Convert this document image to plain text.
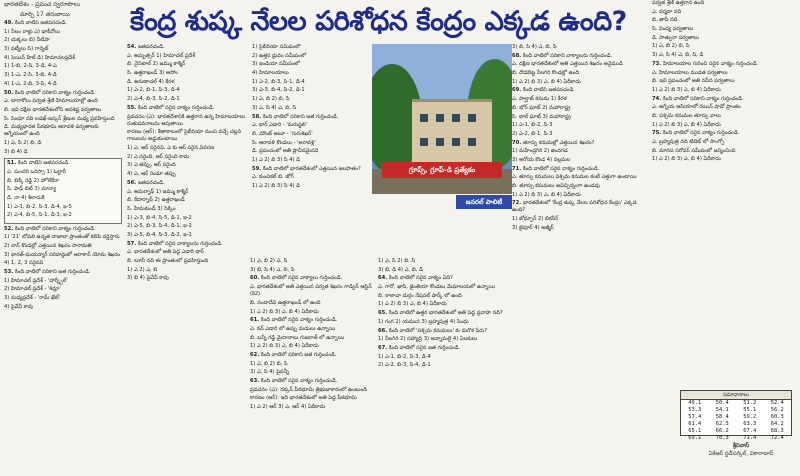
భారతదేశం - ప్రపంచ స్వరూపాలు
మార్చి 17 తరువాయి	కేంద్ర శుష్క నేలల పరిశోధన కేంద్రం ఎక్కడ ఉంది?
49. కింది వాటిని జతపరచండి.
1) నీలం రాళ్లు ఎ) భాకీనోలు
2) చుక్కలు బి) నీటిపా
3) పట్నీలు సి) గార్నెట్
4) సెయిన్ హిల్ డి) హిమాచలప్రదేశ్
1) 1-బి, 2-సి, 3-డి, 4-ఎ
3) 1-ఎ, 2-సి, 3-బి, 4-డి
4) 1-ఎ, 2-బి, 3-సి, 4-డి
50. కింది వాటిలో సరికాని వాక్యం గుర్తించండి.
ఎ. బారాకోలు పర్వత శ్రేణి హిమాలయాల్లో ఉంది
బి. ఇవి దక్షిణ భారతదేశంలోని అవశిష్ట పర్వతాలు
సి. సింధూ నది లడఖ్-జస్కర్ శ్రేణుల మధ్య ప్రవహిస్తుంది
డి. మధ్యభారత పీఠభూమి ఆరావళి పర్వతాలకు ఆగ్నేయంలో ఉంది
1) ఎ, సి 2) బి, డి
3) బి 4) డి
51. కింది వాటిని జతపరచండి.
ఎ. సుందరి ఒరిస్సా 1) ఓల్టారీ
బి. బిక్కీ రెడ్డి 2) హోలేకేరా
సి. పాడ్ బిట్ 3) మాన్యా
డి. నా 4) శీలాదుకి
1) ఎ-1, బి-2, సి-3, డి-4, ఇ-5
2) ఎ-4, బి-5, సి-1, డి-3, ఇ-2
52. కింది వాటిలో సరికాని వాక్యం గుర్తించండి.
1) '21' లోపలి ఉన్నత నాజాలా ప్రాంతంతో కలిపి వర్ణిస్తారు
2) నాన్ కొండల్లో ఎత్తయిన శిఖరం సారామతి
3) భారత్-మయన్మార్ సరిహద్దులో ఆరాకాన్ యోమ శిఖరం
4) 1, 2, 3 సరైనవి
53. కింది వాటిలో సరికాని జత గుర్తించండి.
1) హిమాచల్ ప్రదేశ్ - 'హార్న్బీల్'
2) హిమాచల్ ప్రదేశ్ - 'శిమ్లా'
3) మధ్యప్రదేశ్ - 'రామ్ ఖేల్'
4) పైవేవీ కావు
54. జతపరచండి.
ఎ. అమృత్సర్ 1) హిమాచల్ ప్రదేశ్
బి. నైనిటాల్ 2) జమ్ము కాశ్మీర్
సి. ఉత్తరాఖండ్ 3) అసోం
డి. అరుణాచల్ 4) కేరళ
1) ఎ-2, బి-1, సి-3, డి-4
2) ఎ-4, బి-3, సి-2, డి-1
55. కింది వాటిలో సరైన వాక్యం గుర్తించండి.
ప్రవచనం (ఎ): భారతదేశానికి ఉత్తరాన ఉన్న హిమాలయాలు రుతుపవనాలను ఆపుతాయి
కారణం (ఆర్): శీతాకాలంలో సైబీరియా నుంచి వచ్చే చల్లని గాలులను అడ్డుకుంటాయి
1) ఎ, ఆర్ సరైనవి, ఎ కు ఆర్ సరైన వివరణ
2) ఎ సరైంది, ఆర్ సరైంది కాదు
3) ఎ తప్పు, ఆర్ సరైంది
4) ఎ, ఆర్ రెండూ తప్పు
56. జతపరచండి.
ఎ. అమర్నాథ్ 1) జమ్ము కాశ్మీర్
బి. కేదార్నాథ్ 2) ఉత్తరాఖండ్
సి. హేమకుండ్ 3) సిక్కిం
1) ఎ-3, బి-4, సి-5, డి-1, ఇ-2
2) ఎ-5, బి-3, సి-4, డి-1, ఇ-2
3) ఎ-5, బి-4, సి-3, డి-2, ఇ-1
57. కింది వాటిలో సరైన వాక్యాలను గుర్తించండి.
ఎ. భారతదేశంలో అతి పెద్ద ఎడారి థార్
బి. లూనీ నది ఈ ప్రాంతంలో ప్రవహిస్తుంది
1) ఎ 2) ఎ, బి
3) బి 4) పైవేవీ కావు
1) సైబీరియా సమీపంలో
2) ఉత్తర ధ్రువం సమీపంలో
3) ఇండియా సమీపంలో
4) హిమాలయాలు
1) ఎ-2, బి-3, సి-1, డి-4
3) ఎ-3, బి-4, సి-2, డి-1
1) ఎ, బి 2) బి, సి
3) ఎ, సి 4) ఎ, బి, సి
58. కింది వాటిలో సరికాని జత గుర్తించండి.
ఎ. థార్ ఎడారి - 'మరుస్థలి'
బి. మౌంట్ అబూ - 'గురుశిఖర్'
సి. ఆరావళి కొండలు - 'అరావళ్లి'
డి. ప్రపంచంలో అతి ప్రాచీనమైనవి
1) ఎ 2) బి 3) సి 4) డి
59. కింది వాటిలో భారతదేశంలో ఎత్తయిన జలపాతం?
ఎ. కుంచికల్ బి. జోగ్
1) ఎ 2) బి 3) సి 4) డి
గ్రూప్స్, గ్రూప్-డి ప్రత్యేకం
జనరల్ పాలిటీ
1) ఎ, బి 2) ఎ, సి
3) బి, సి 4) ఎ, బి, సి
60. కింది వాటిలో సరైన వాక్యాలు గుర్తించండి.
ఎ. భారతదేశంలో అతి ఎత్తయిన పర్వత శిఖరం గాడ్విన్ ఆస్టిన్ (కె2)
బి. నందాదేవి ఉత్తరాఖండ్ లో ఉంది
1) ఎ 2) బి 3) ఎ, బి 4) ఏదీకాదు
61. కింది వాటిలో సరైన వాక్యం గుర్తించండి.
ఎ. కచ్ ఎడారి లో ఉప్పు మడులు ఉన్నాయి
బి. బన్నీ గడ్డి మైదానాలు గుజరాత్ లో ఉన్నాయి
1) ఎ 2) బి 3) ఎ, బి 4) ఏదీకాదు
62. కింది వాటిలో సరికాని జత గుర్తించండి.
1) ఎ, బి 2) బి, సి
3) ఎ, సి 4) పైవన్నీ
63. కింది వాటిలో సరైన వాక్యం గుర్తించండి.
ప్రవచనం (ఎ): దక్కన్ పీఠభూమి త్రిభుజాకారంలో ఉంటుంది
కారణం (ఆర్): ఇది భారతదేశంలో అతి పెద్ద పీఠభూమి
1) ఎ 2) ఆర్ 3) ఎ, ఆర్ 4) ఏదీకాదు
1) ఎ, సి 2) బి, సి
3) బి, డి 4) ఎ, బి, డి
64. కింది వాటిలో సరైన వాక్యం ఏది?
ఎ. గారో, ఖాసి, జైంతియా కొండలు మేఘాలయలో ఉన్నాయి
బి. కాలాచా దుర్గం నేషనల్ పార్క్ లో ఉంది
1) ఎ 2) బి 3) ఎ, బి 4) ఏదీకాదు
65. కింది వాటిలో ఉత్తర భారతదేశంలో అతి పెద్ద ప్రవాహ నది?
1) గంగ 2) యమున 3) బ్రహ్మపుత్ర 4) సింధు
66. కింది వాటిలో 'పశ్చిమ కనుమలు' కు మరొక పేరు?
1) నీలగిరి 2) సహ్యాద్రి 3) అన్నామలై 4) ఏలకులు
67. కింది వాటిలో సరైన జత గుర్తించండి.
1) ఎ-1, బి-2, సి-3, డి-4
2) ఎ-2, బి-3, సి-4, డి-1
3) బి, సి 4) ఎ, బి, సి
68. కింది వాటిలో సరికాని వాక్యాలను గుర్తించండి.
ఎ. దక్షిణ భారతదేశంలో అతి ఎత్తయిన శిఖరం అనైముడి
బి. దొడబెట్ట నీలగిరి కొండల్లో ఉంది
1) ఎ 2) బి 3) ఎ, బి 4) ఏదీకాదు
69. కింది వాటిని జతపరచండి.
ఎ. పాల్ఘాట్ కనుమ 1) కేరళ
బి. భోర్ ఘాట్ 2) మహారాష్ట్ర
సి. థాల్ ఘాట్ 3) మహారాష్ట్ర
1) ఎ-1, బి-2, సి-3
2) ఎ-2, బి-1, సి-3
70. తూర్పు కనుమల్లో ఎత్తయిన శిఖరం?
1) మహేంద్రగిరి 2) జిందగడ
3) అరోయ కొండ 4) నల్లమల
71. కింది వాటిలో సరైన వాక్యం గుర్తించండి.
ఎ. తూర్పు కనుమలు పశ్చిమ కనుమల కంటే ఎత్తుగా ఉంటాయి
బి. తూర్పు కనుమలు అవిచ్ఛిన్నంగా ఉండవు
1) ఎ 2) బి 3) ఎ, బి 4) ఏదీకాదు
72. భారతదేశంలో 'కేంద్ర శుష్క నేలల పరిశోధన కేంద్రం' ఎక్కడ ఉంది?
1) జోధ్పూర్ 2) బికనీర్
3) జైపూర్ 4) అజ్మీర్
పర్వత శ్రేణి ఉత్తరాన ఉంది
ఎ. నర్మదా నది
బి. తాపీ నది
సి. వింధ్య పర్వతాలు
డి. సాత్పురా పర్వతాలు
1) ఎ, బి 2) బి, సి
3) ఎ, సి 4) ఎ, బి, సి, డి
73. హిమాలయాల గురించి సరైన వాక్యం గుర్తించండి.
ఎ. హిమాలయాలు ముడత పర్వతాలు
బి. ఇవి ప్రపంచంలో అతి నవీన పర్వతాలు
1) ఎ 2) బి 3) ఎ, బి 4) ఏదీకాదు
74. కింది వాటిలో సరికాని వాక్యం గుర్తించండి.
ఎ. ఆగ్నేయ ఆసియాలో రెయిన్ షాడో ప్రాంతం
బి. పశ్చిమ కనుమల తూర్పు వాలు
1) ఎ 2) బి 3) ఎ, బి 4) ఏదీకాదు
75. కింది వాటిలో సరైన వాక్యం గుర్తించండి.
ఎ. బ్రహ్మపుత్ర నది టిబెట్ లో సాంగ్పో
బి. మానస సరోవర్ సమీపంలో జన్మించింది
1) ఎ 2) బి 3) ఎ, బి 4) ఏదీకాదు
సమాధానాలు
49.1	50.4	51.2	52.4
53.3	54.1	55.1	56.2
57.4	58.4	59.2	60.3
61.4	62.3	63.3	64.2
65.1	66.2	67.4	68.3
69.1	70.3	71.4	72.4
శ్రీనివాస్
ఏకేఆర్ స్టడీసర్కిల్, వికారాబాద్
